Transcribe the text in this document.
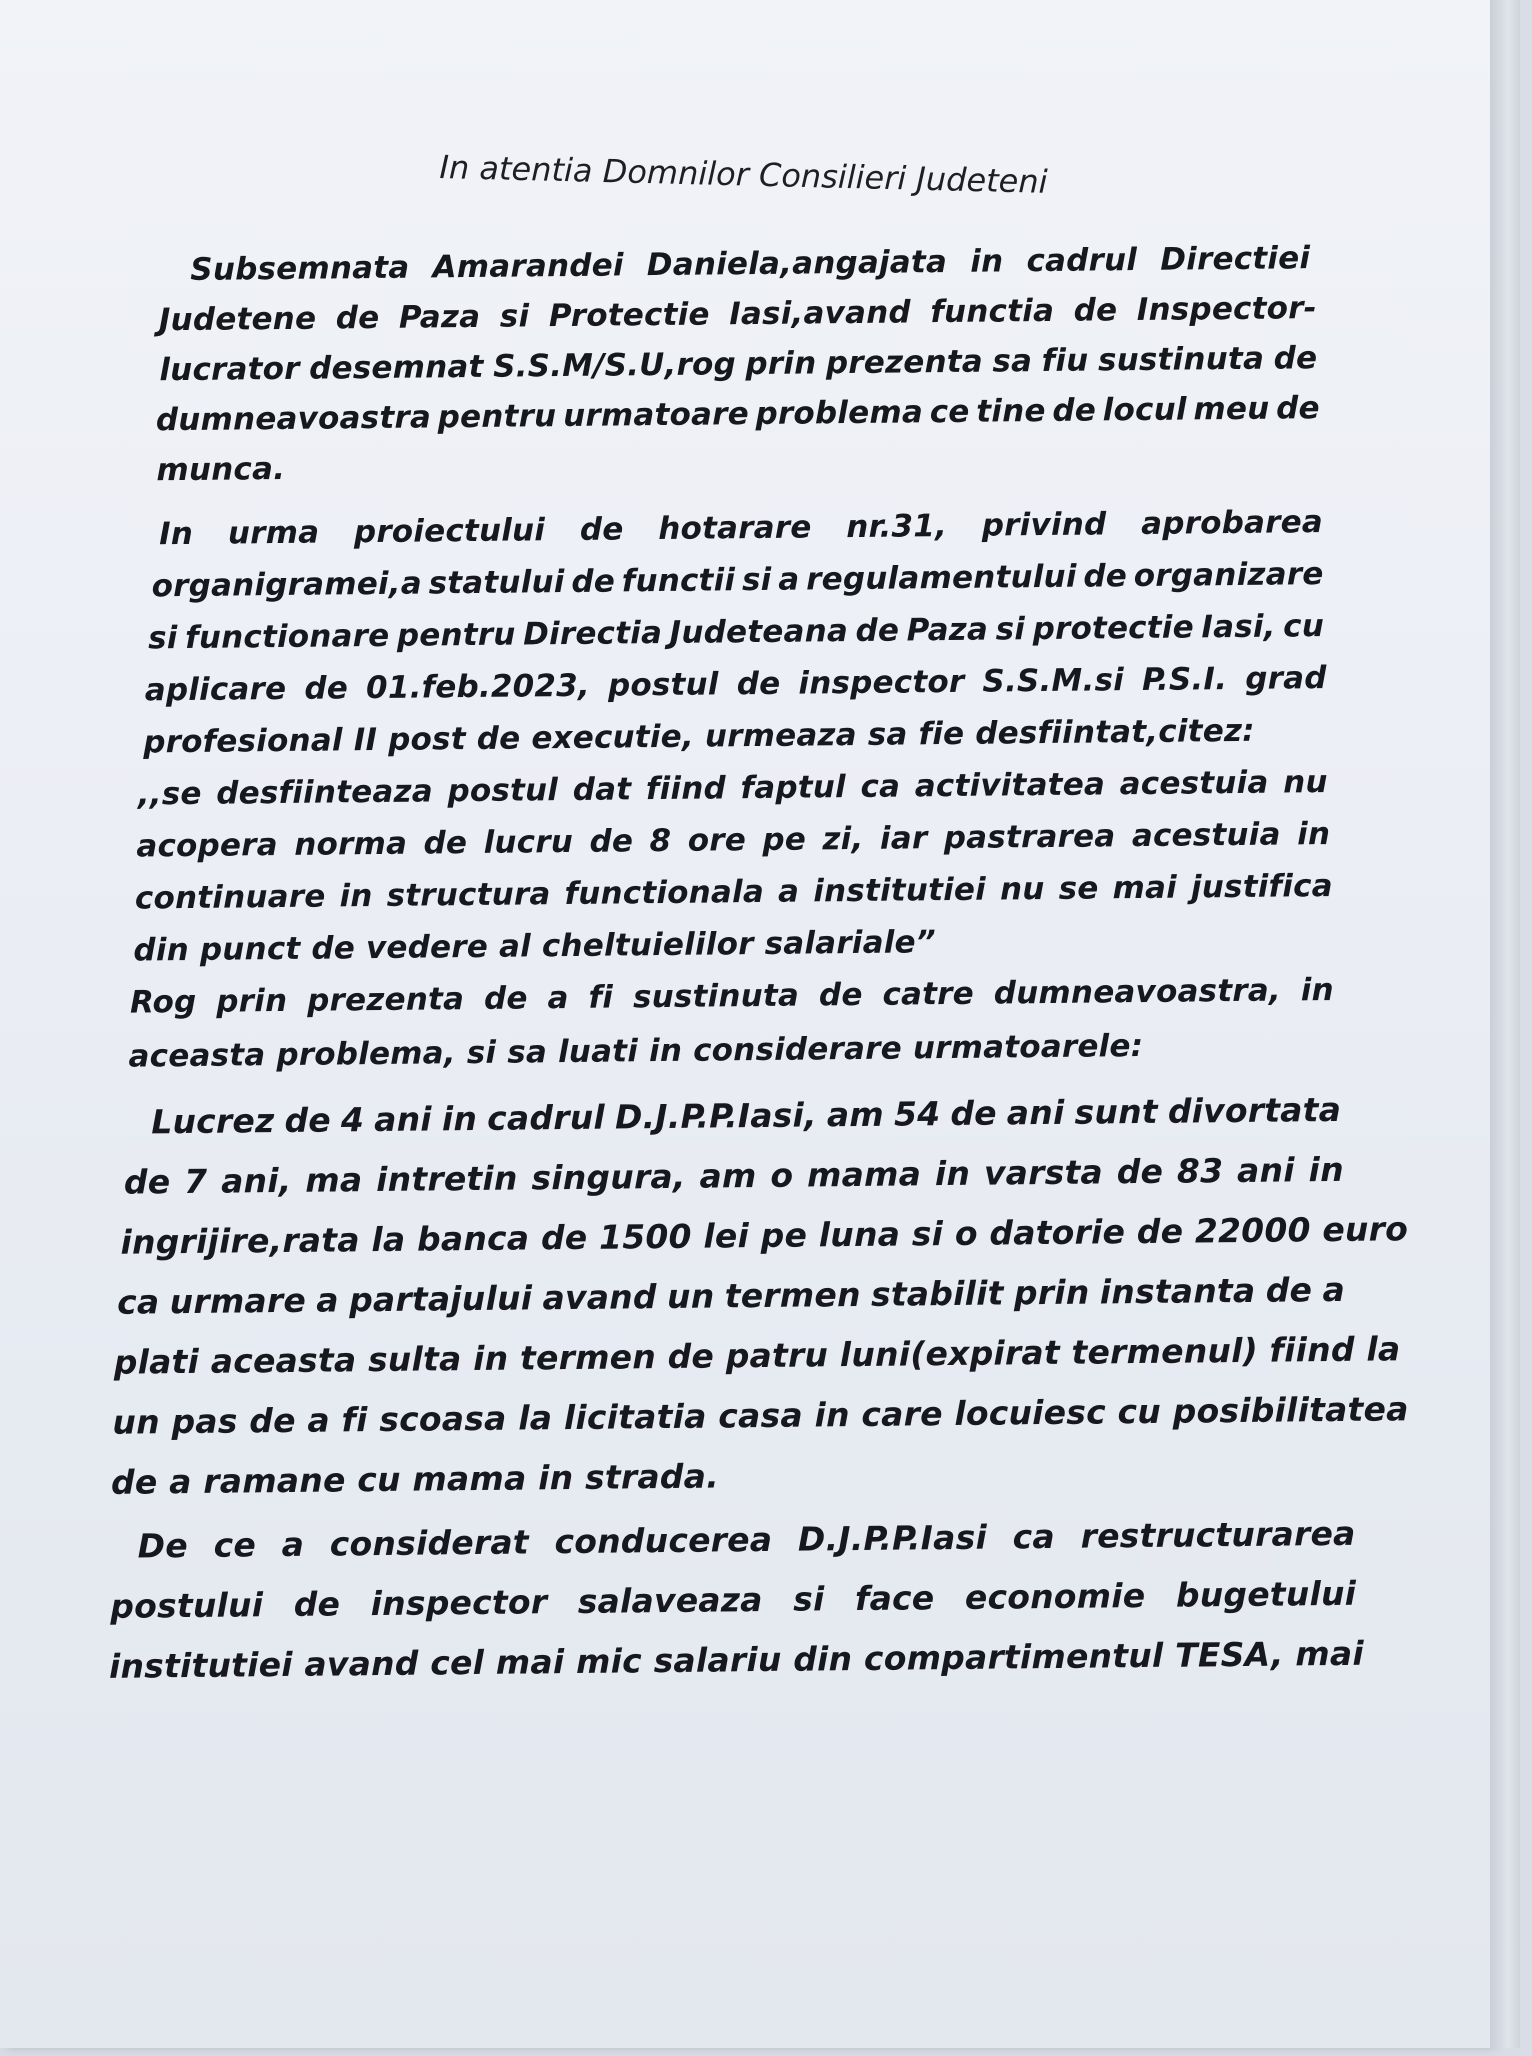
In atentia Domnilor Consilieri Judeteni
Subsemnata Amarandei Daniela,angajata in cadrul Directiei
Judetene de Paza si Protectie Iasi,avand functia de Inspector-
lucrator desemnat S.S.M/S.U,rog prin prezenta sa fiu sustinuta de
dumneavoastra pentru urmatoare problema ce tine de locul meu de
munca.
In urma proiectului de hotarare nr.31, privind aprobarea
organigramei,a statului de functii si a regulamentului de organizare
si functionare pentru Directia Judeteana de Paza si protectie Iasi, cu
aplicare de 01.feb.2023, postul de inspector S.S.M.si P.S.I. grad
profesional II post de executie, urmeaza sa fie desfiintat,citez:
,,se desfiinteaza postul dat fiind faptul ca activitatea acestuia nu
acopera norma de lucru de 8 ore pe zi, iar pastrarea acestuia in
continuare in structura functionala a institutiei nu se mai justifica
din punct de vedere al cheltuielilor salariale”
Rog prin prezenta de a fi sustinuta de catre dumneavoastra, in
aceasta problema, si sa luati in considerare urmatoarele:
Lucrez de 4 ani in cadrul D.J.P.P.Iasi, am 54 de ani sunt divortata
de 7 ani, ma intretin singura, am o mama in varsta de 83 ani in
ingrijire,rata la banca de 1500 lei pe luna si o datorie de 22000 euro
ca urmare a partajului avand un termen stabilit prin instanta de a
plati aceasta sulta in termen de patru luni(expirat termenul) fiind la
un pas de a fi scoasa la licitatia casa in care locuiesc cu posibilitatea
de a ramane cu mama in strada.
De ce a considerat conducerea D.J.P.P.Iasi ca restructurarea
postului de inspector salaveaza si face economie bugetului
institutiei avand cel mai mic salariu din compartimentul TESA, mai
